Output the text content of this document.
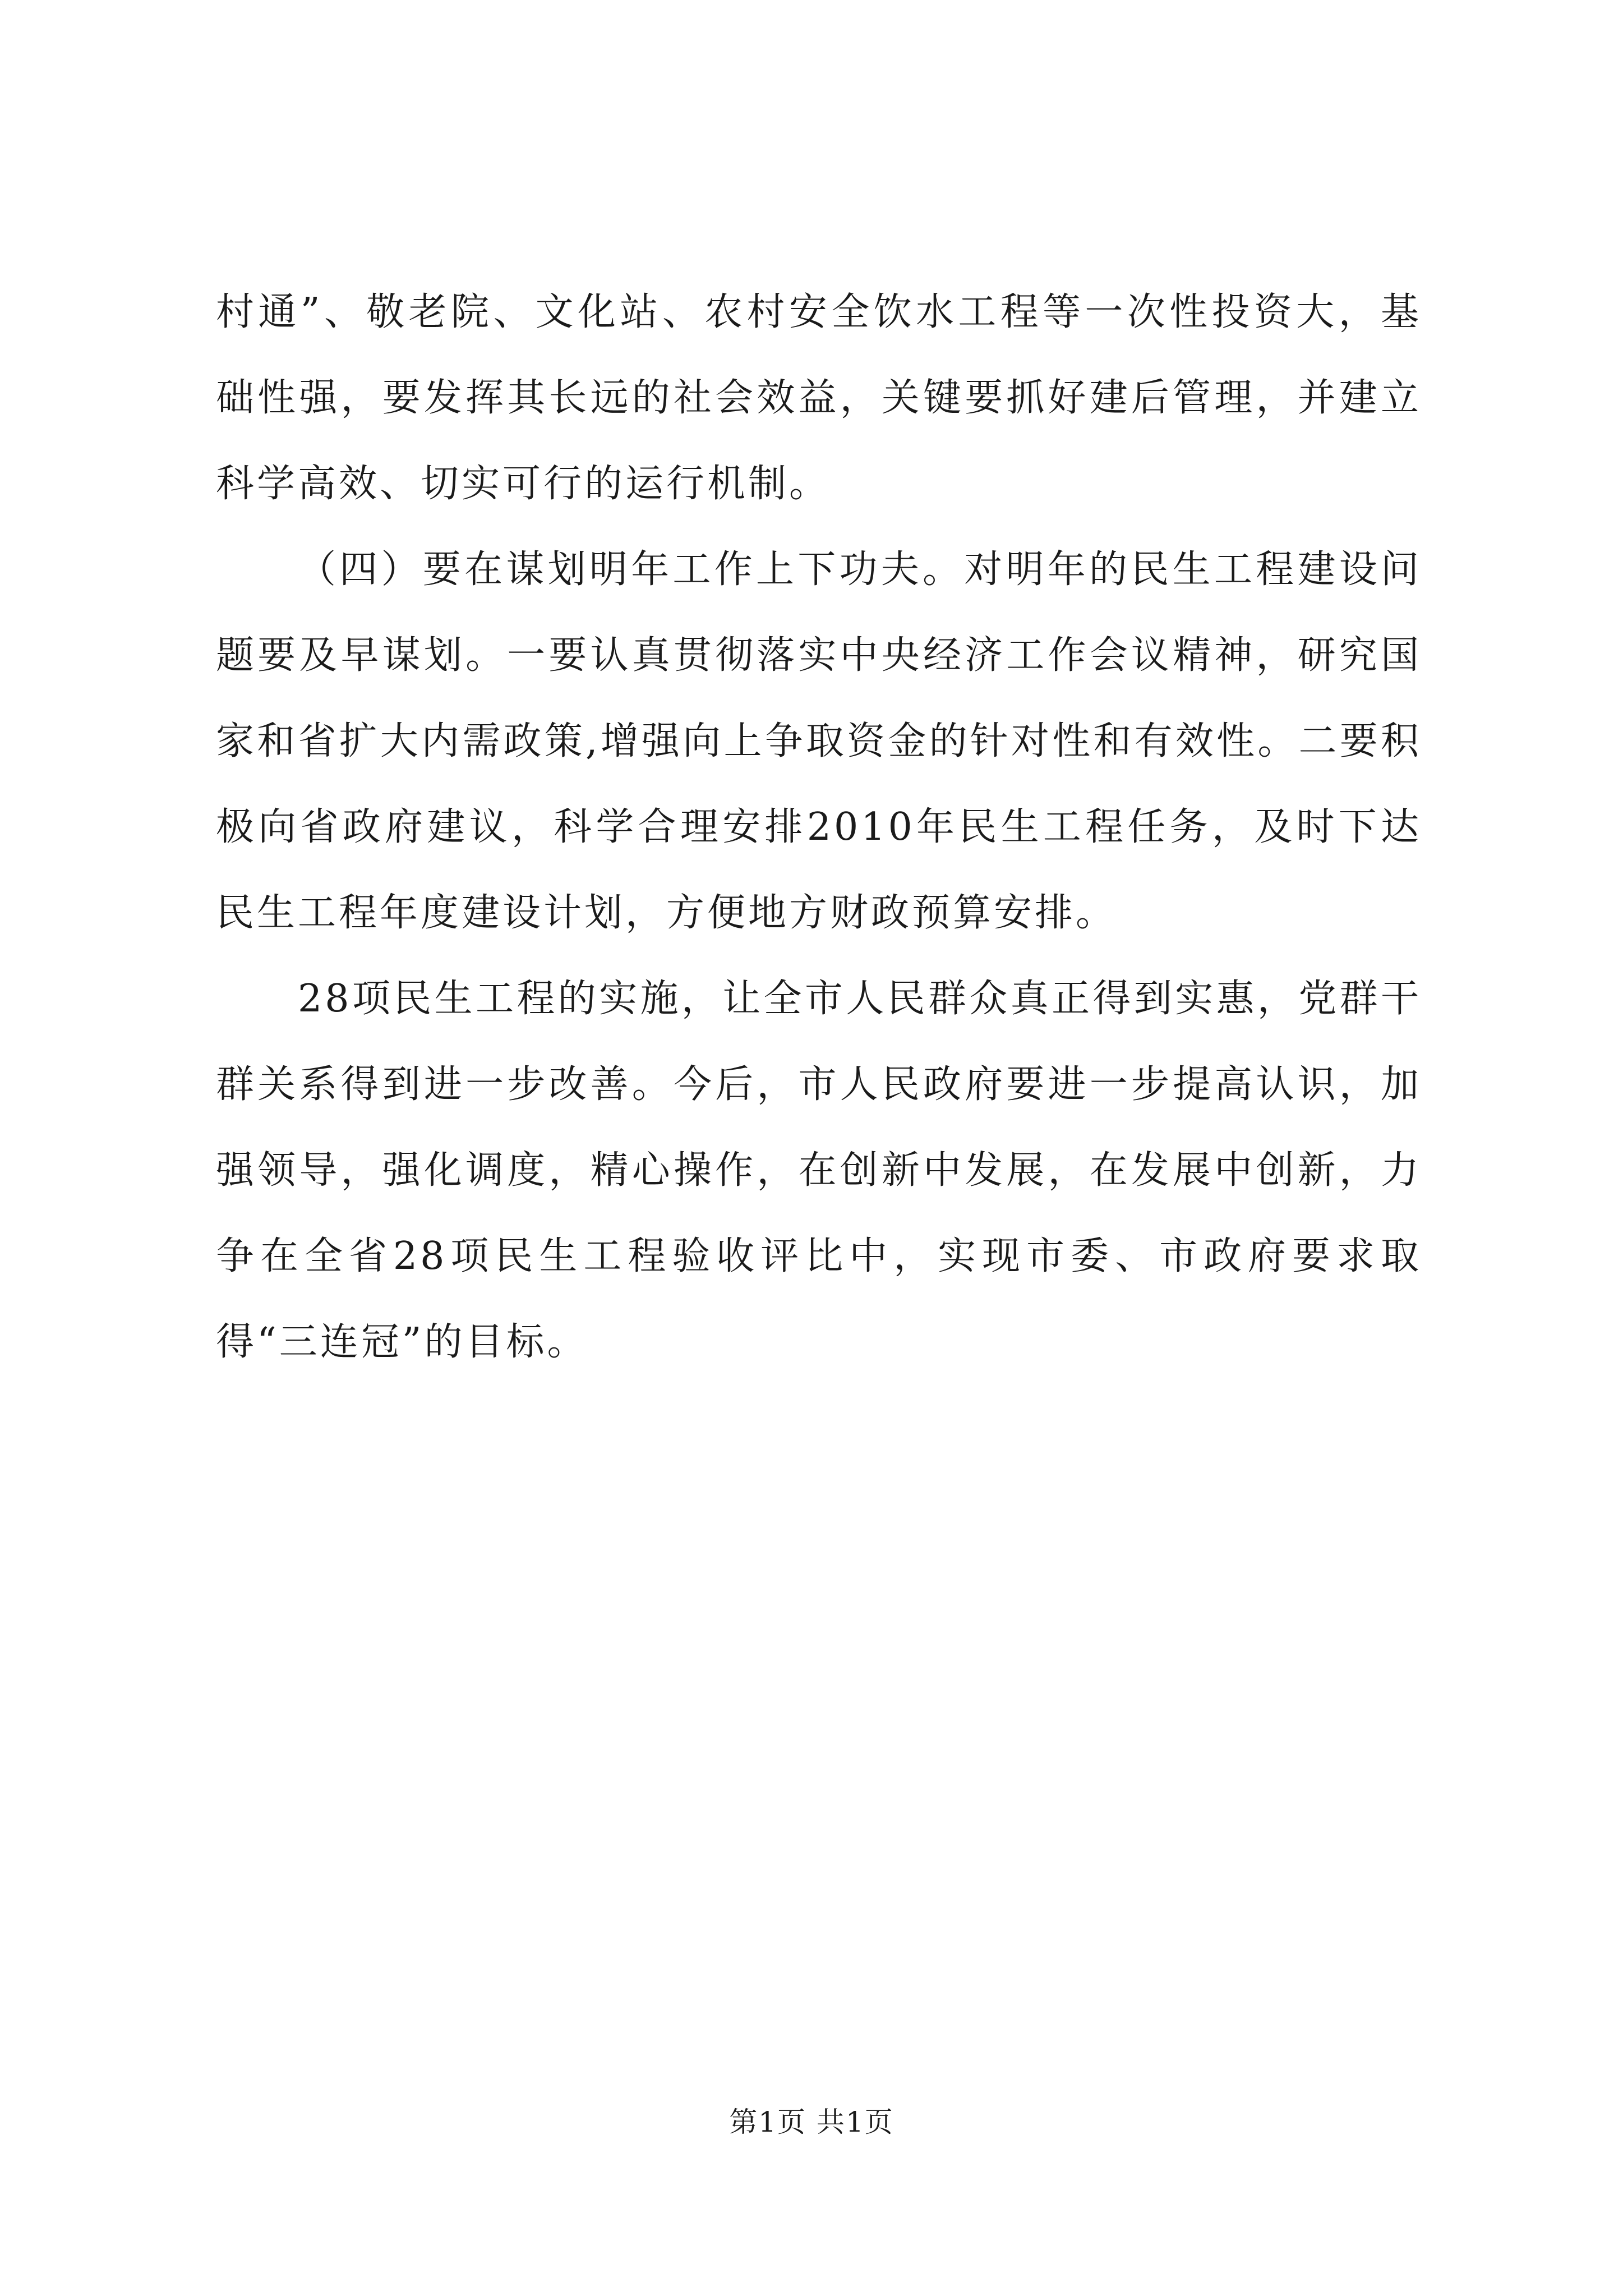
村通”、敬老院、文化站、农村安全饮水工程等一次性投资大，基础性强，要发挥其长远的社会效益，关键要抓好建后管理，并建立科学高效、切实可行的运行机制。

（四）要在谋划明年工作上下功夫。对明年的民生工程建设问题要及早谋划。一要认真贯彻落实中央经济工作会议精神，研究国家和省扩大内需政策,增强向上争取资金的针对性和有效性。二要积极向省政府建议，科学合理安排2010年民生工程任务，及时下达民生工程年度建设计划，方便地方财政预算安排。

28项民生工程的实施，让全市人民群众真正得到实惠，党群干群关系得到进一步改善。今后，市人民政府要进一步提高认识，加强领导，强化调度，精心操作，在创新中发展，在发展中创新，力争在全省28项民生工程验收评比中，实现市委、市政府要求取得“三连冠”的目标。

第1页 共1页
